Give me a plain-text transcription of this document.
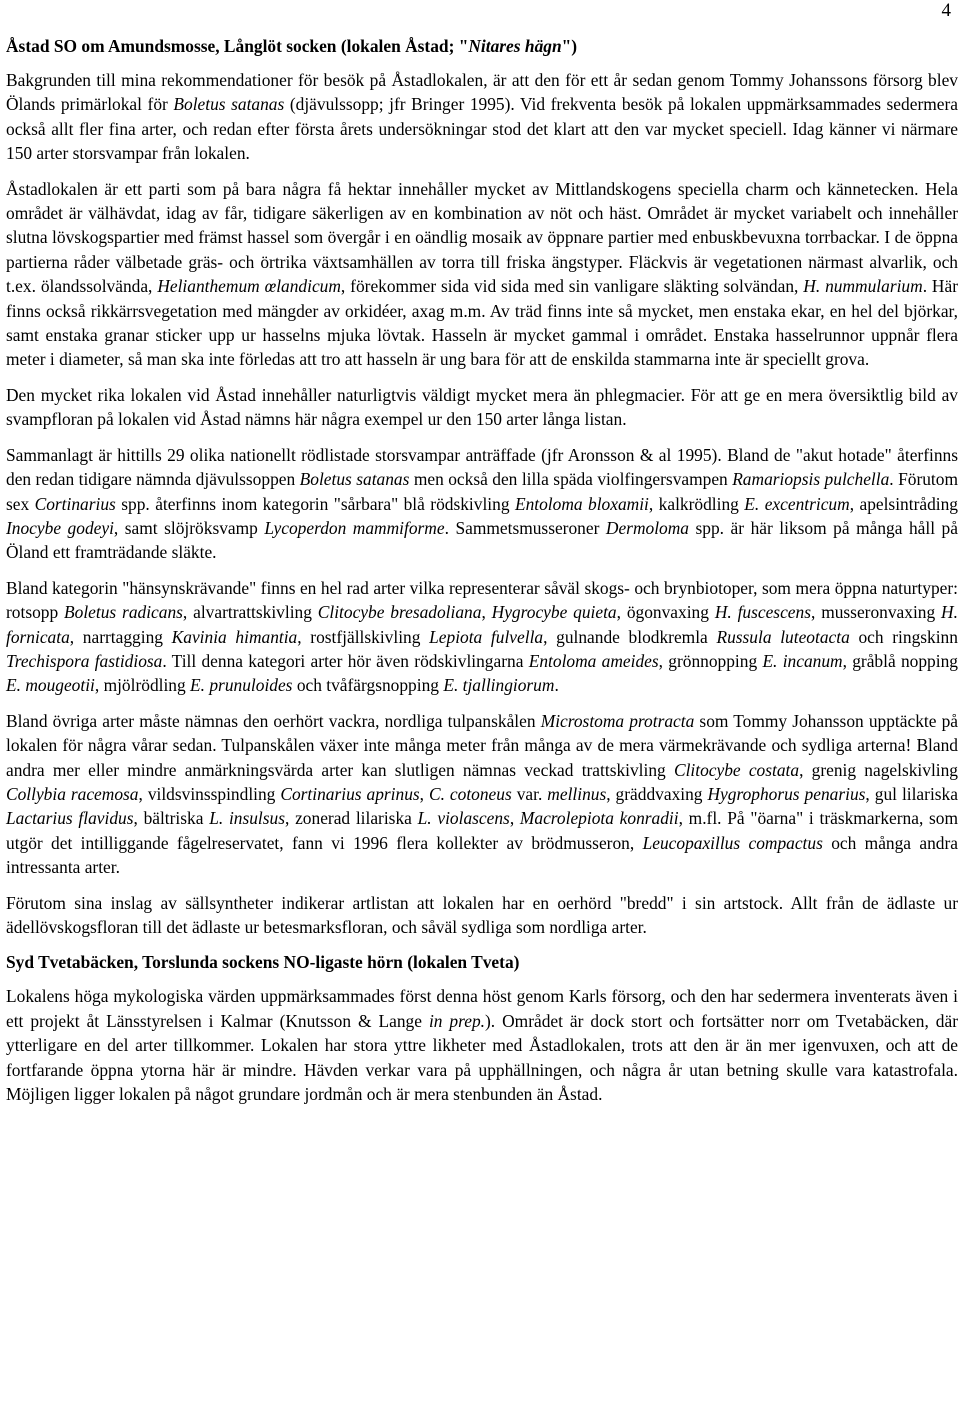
4
Åstad SO om Amundsmosse, Långlöt socken (lokalen Åstad; "Nitares hägn")

Bakgrunden till mina rekommendationer för besök på Åstadlokalen, är att den för ett år sedan genom Tommy Johanssons försorg blev Ölands primärlokal för Boletus satanas (djävulssopp; jfr Bringer 1995). Vid frekventa besök på lokalen uppmärksammades sedermera också allt fler fina arter, och redan efter första årets undersökningar stod det klart att den var mycket speciell. Idag känner vi närmare 150 arter storsvampar från lokalen.

Åstadlokalen är ett parti som på bara några få hektar innehåller mycket av Mittlandskogens speciella charm och kännetecken. Hela området är välhävdat, idag av får, tidigare säkerligen av en kombination av nöt och häst. Området är mycket variabelt och innehåller slutna lövskogspartier med främst hassel som övergår i en oändlig mosaik av öppnare partier med enbuskbevuxna torrbackar. I de öppna partierna råder välbetade gräs- och örtrika växtsamhällen av torra till friska ängstyper. Fläckvis är vegetationen närmast alvarlik, och t.ex. ölandssolvända, Helianthemum œlandicum, förekommer sida vid sida med sin vanligare släkting solvändan, H. nummularium. Här finns också rikkärrsvegetation med mängder av orkidéer, axag m.m. Av träd finns inte så mycket, men enstaka ekar, en hel del björkar, samt enstaka granar sticker upp ur hasselns mjuka lövtak. Hasseln är mycket gammal i området. Enstaka hasselrunnor uppnår flera meter i diameter, så man ska inte förledas att tro att hasseln är ung bara för att de enskilda stammarna inte är speciellt grova.

Den mycket rika lokalen vid Åstad innehåller naturligtvis väldigt mycket mera än phlegmacier. För att ge en mera översiktlig bild av svampfloran på lokalen vid Åstad nämns här några exempel ur den 150 arter långa listan.

Sammanlagt är hittills 29 olika nationellt rödlistade storsvampar anträffade (jfr Aronsson & al 1995). Bland de "akut hotade" återfinns den redan tidigare nämnda djävulssoppen Boletus satanas men också den lilla späda violfingersvampen Ramariopsis pulchella. Förutom sex Cortinarius spp. återfinns inom kategorin "sårbara" blå rödskivling Entoloma bloxamii, kalkrödling E. excentricum, apelsintråding Inocybe godeyi, samt slöjröksvamp Lycoperdon mammiforme. Sammetsmusseroner Dermoloma spp. är här liksom på många håll på Öland ett framträdande släkte.

Bland kategorin "hänsynskrävande" finns en hel rad arter vilka representerar såväl skogs- och brynbiotoper, som mera öppna naturtyper: rotsopp Boletus radicans, alvartrattskivling Clitocybe bresadoliana, Hygrocybe quieta, ögonvaxing H. fuscescens, musseronvaxing H. fornicata, narrtagging Kavinia himantia, rostfjällskivling Lepiota fulvella, gulnande blodkremla Russula luteotacta och ringskinn Trechispora fastidiosa. Till denna kategori arter hör även rödskivlingarna Entoloma ameides, grönnopping E. incanum, gråblå nopping E. mougeotii, mjölrödling E. prunuloides och tvåfärgsnopping E. tjallingiorum.

Bland övriga arter måste nämnas den oerhört vackra, nordliga tulpanskålen Microstoma protracta som Tommy Johansson upptäckte på lokalen för några vårar sedan. Tulpanskålen växer inte många meter från många av de mera värmekrävande och sydliga arterna! Bland andra mer eller mindre anmärkningsvärda arter kan slutligen nämnas veckad trattskivling Clitocybe costata, grenig nagelskivling Collybia racemosa, vildsvinsspindling Cortinarius aprinus, C. cotoneus var. mellinus, gräddvaxing Hygrophorus penarius, gul lilariska Lactarius flavidus, bältriska L. insulsus, zonerad lilariska L. violascens, Macrolepiota konradii, m.fl. På "öarna" i träskmarkerna, som utgör det intilliggande fågelreservatet, fann vi 1996 flera kollekter av brödmusseron, Leucopaxillus compactus och många andra intressanta arter.

Förutom sina inslag av sällsyntheter indikerar artlistan att lokalen har en oerhörd "bredd" i sin artstock. Allt från de ädlaste ur ädellövskogsfloran till det ädlaste ur betesmarksfloran, och såväl sydliga som nordliga arter.

Syd Tvetabäcken, Torslunda sockens NO-ligaste hörn (lokalen Tveta)

Lokalens höga mykologiska värden uppmärksammades först denna höst genom Karls försorg, och den har sedermera inventerats även i ett projekt åt Länsstyrelsen i Kalmar (Knutsson & Lange in prep.). Området är dock stort och fortsätter norr om Tvetabäcken, där ytterligare en del arter tillkommer. Lokalen har stora yttre likheter med Åstadlokalen, trots att den är än mer igenvuxen, och att de fortfarande öppna ytorna här är mindre. Hävden verkar vara på upphällningen, och några år utan betning skulle vara katastrofala. Möjligen ligger lokalen på något grundare jordmån och är mera stenbunden än Åstad.
